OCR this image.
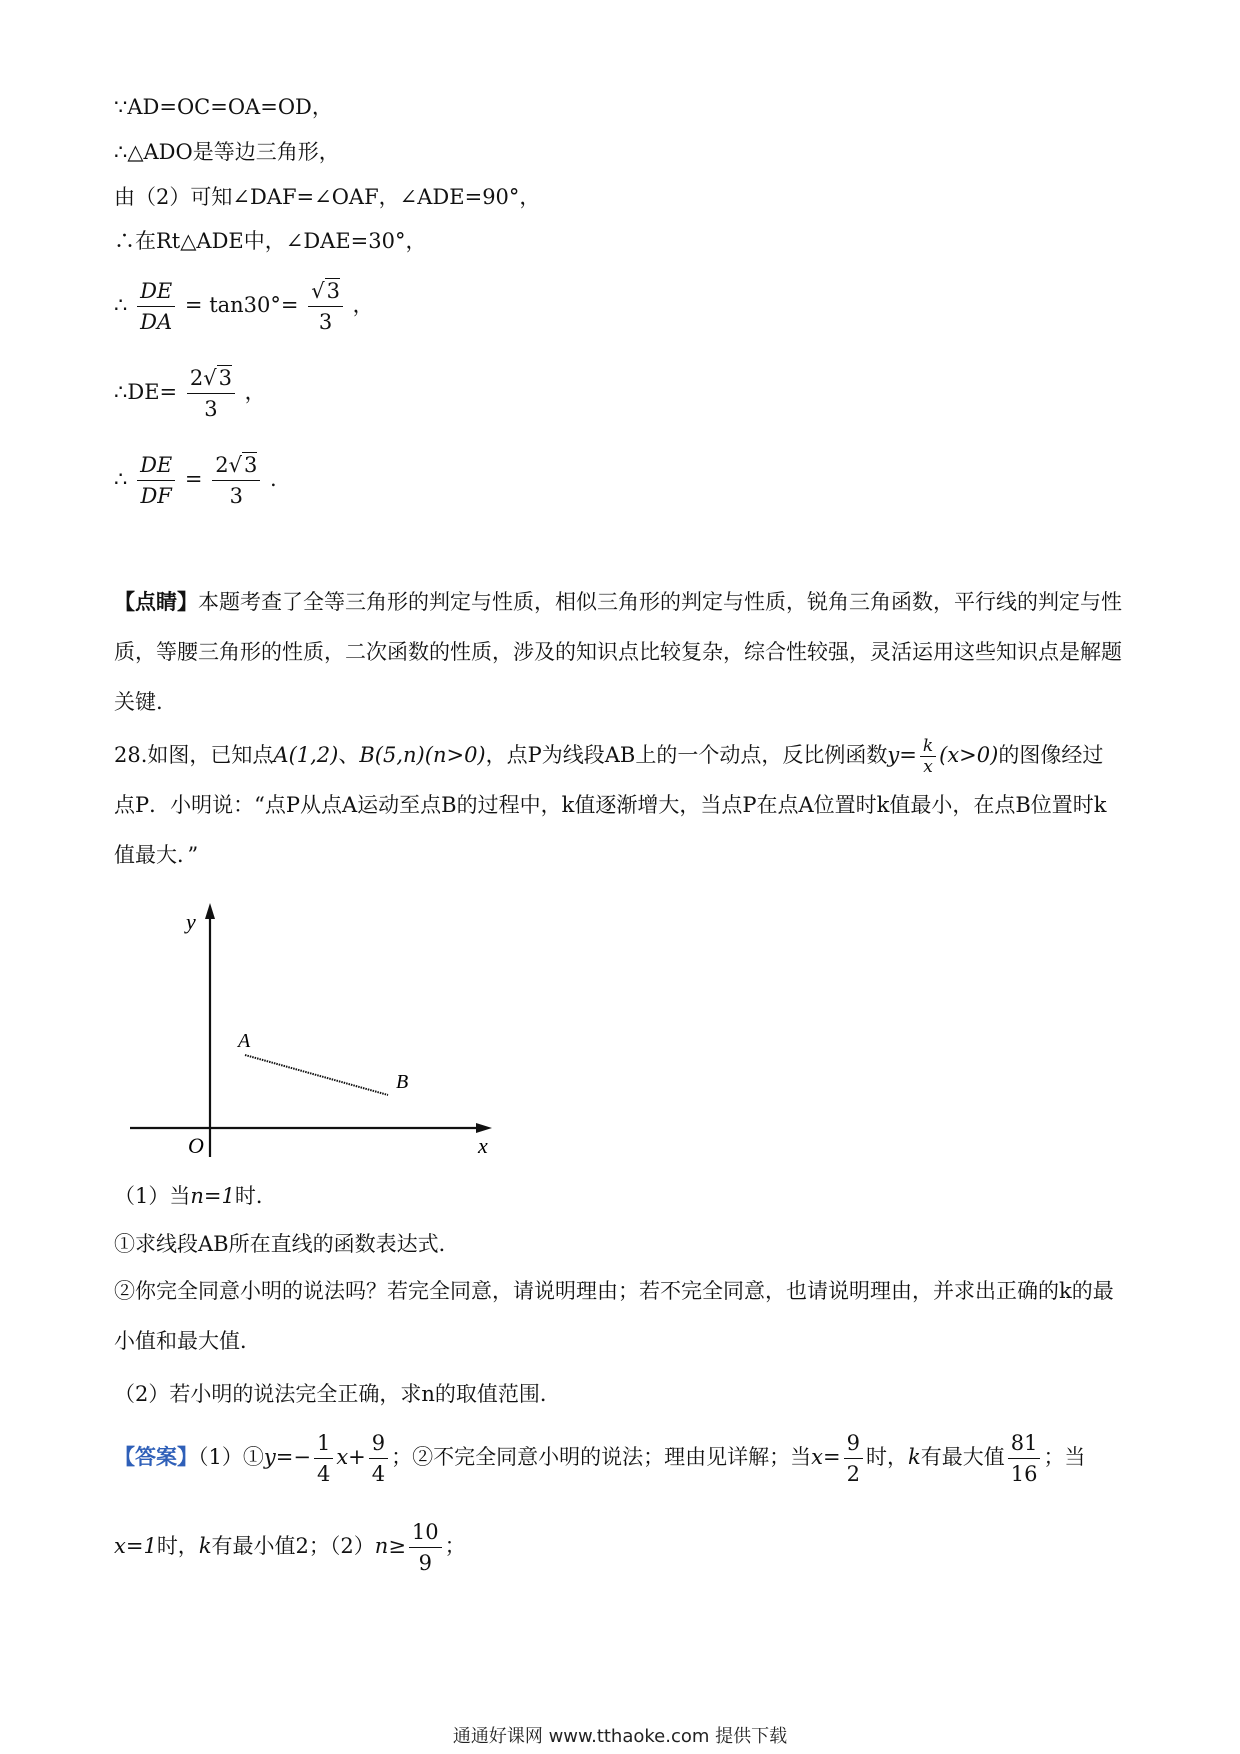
∵AD=OC=OA=OD，
∴△ADO是等边三角形，
由（2）可知∠DAF=∠OAF，∠ADE=90°，
∴在Rt△ADE中，∠DAE=30°，
∴ $\frac{DE}{DA} = \tan 30^\circ= \frac{√3}{3}$ ，
∴DE= $\frac{2√3}{3}$ ，
∴ $\frac{DE}{DF} = \frac{2√3}{3}$ .
【点睛】本题考查了全等三角形的判定与性质，相似三角形的判定与性质，锐角三角函数，平行线的判定与性质，等腰三角形的性质，二次函数的性质，涉及的知识点比较复杂，综合性较强，灵活运用这些知识点是解题关键.
28.如图，已知点A(1,2)、B(5,n)(n>0)，点P为线段AB上的一个动点，反比例函数$y= \frac{k}{x} (x>0)$的图像经过点P．小明说：“点P从点A运动至点B的过程中，k值逐渐增大，当点P在点A位置时k值最小，在点B位置时k值最大．”
y
x
O
A
B
（1）当n=1时．
①求线段AB所在直线的函数表达式．
②你完全同意小明的说法吗？若完全同意，请说明理由；若不完全同意，也请说明理由，并求出正确的k的最小值和最大值．
（2）若小明的说法完全正确，求n的取值范围．
【答案】（1）①y=− $\frac{1}{4} x+ \frac{9}{4}$ ；②不完全同意小明的说法；理由见详解；当$x= \frac{9}{2}$ 时，k有最大值 $\frac{81}{16}$ ；当
x=1时，k有最小值2；$(2)n\ge \frac{10}{9}$ ；
通通好课网 www.tthaoke.com 提供下载
